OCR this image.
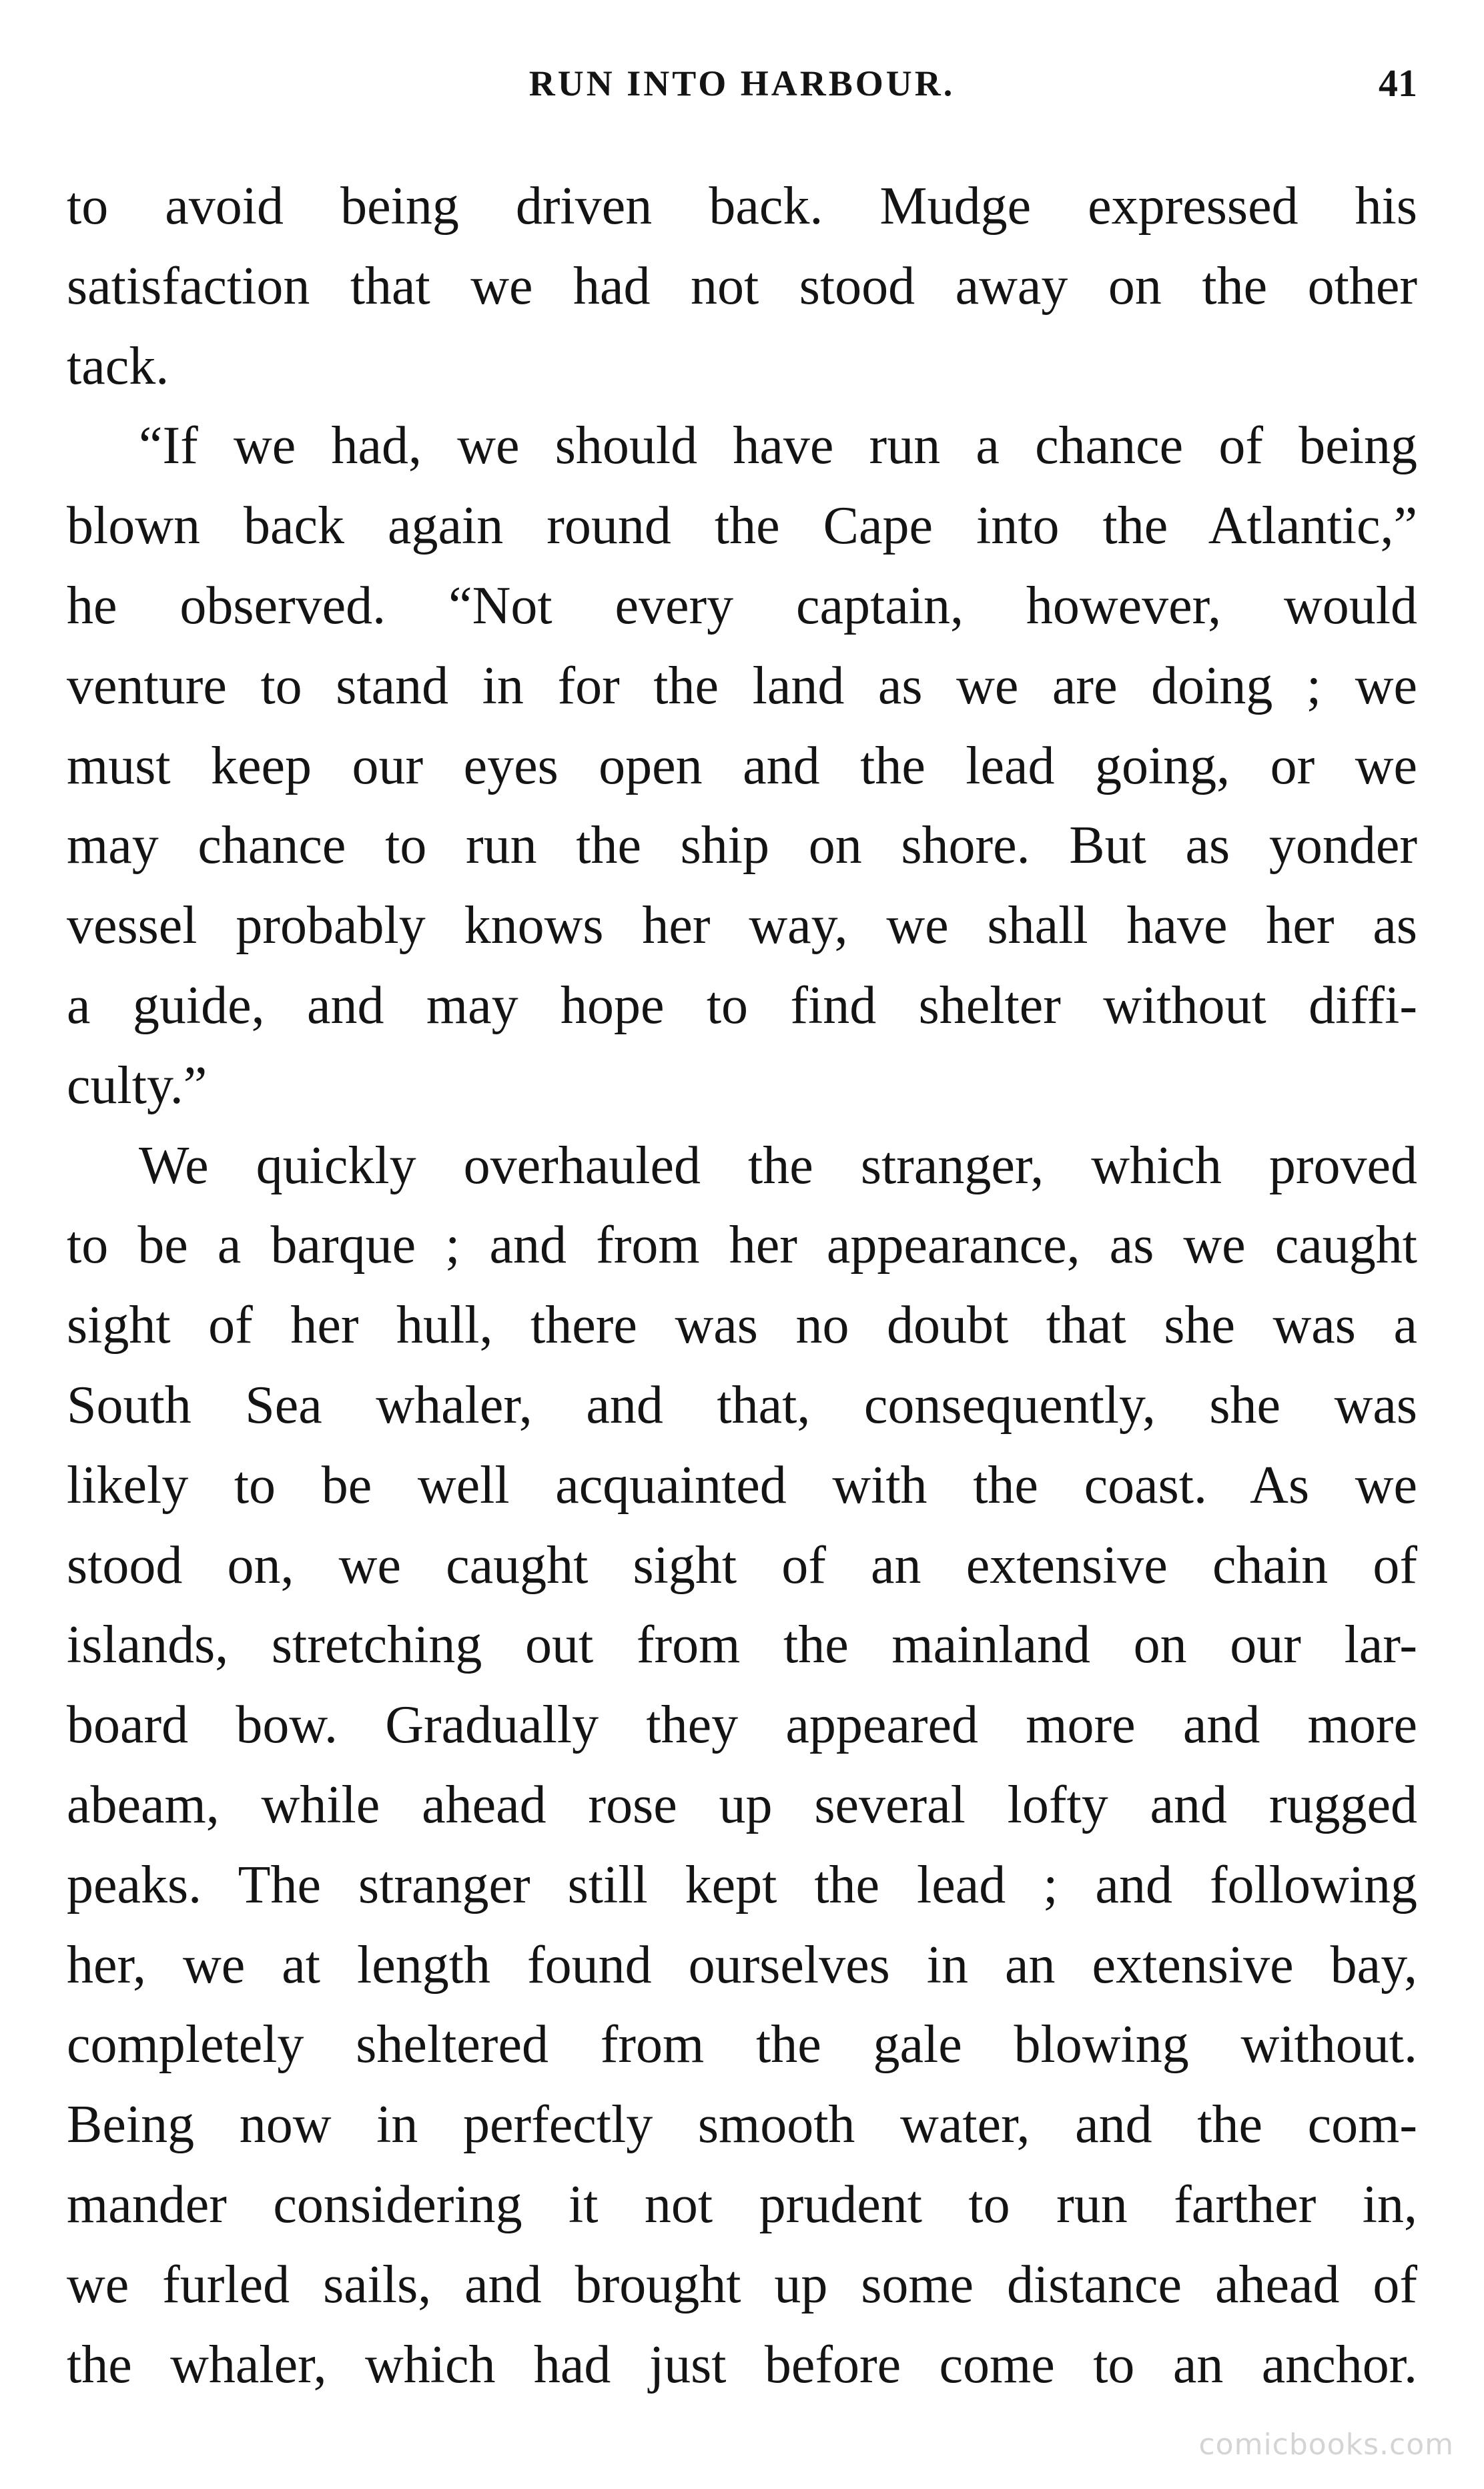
RUN INTO HARBOUR.	41
to avoid being driven back. Mudge expressed his
satisfaction that we had not stood away on the other
tack.
“If we had, we should have run a chance of being
blown back again round the Cape into the Atlantic,”
he observed. “Not every captain, however, would
venture to stand in for the land as we are doing ; we
must keep our eyes open and the lead going, or we
may chance to run the ship on shore. But as yonder
vessel probably knows her way, we shall have her as
a guide, and may hope to find shelter without diffi-
culty.”
We quickly overhauled the stranger, which proved
to be a barque ; and from her appearance, as we caught
sight of her hull, there was no doubt that she was a
South Sea whaler, and that, consequently, she was
likely to be well acquainted with the coast. As we
stood on, we caught sight of an extensive chain of
islands, stretching out from the mainland on our lar-
board bow. Gradually they appeared more and more
abeam, while ahead rose up several lofty and rugged
peaks. The stranger still kept the lead ; and following
her, we at length found ourselves in an extensive bay,
completely sheltered from the gale blowing without.
Being now in perfectly smooth water, and the com-
mander considering it not prudent to run farther in,
we furled sails, and brought up some distance ahead of
the whaler, which had just before come to an anchor.
comicbooks.com
